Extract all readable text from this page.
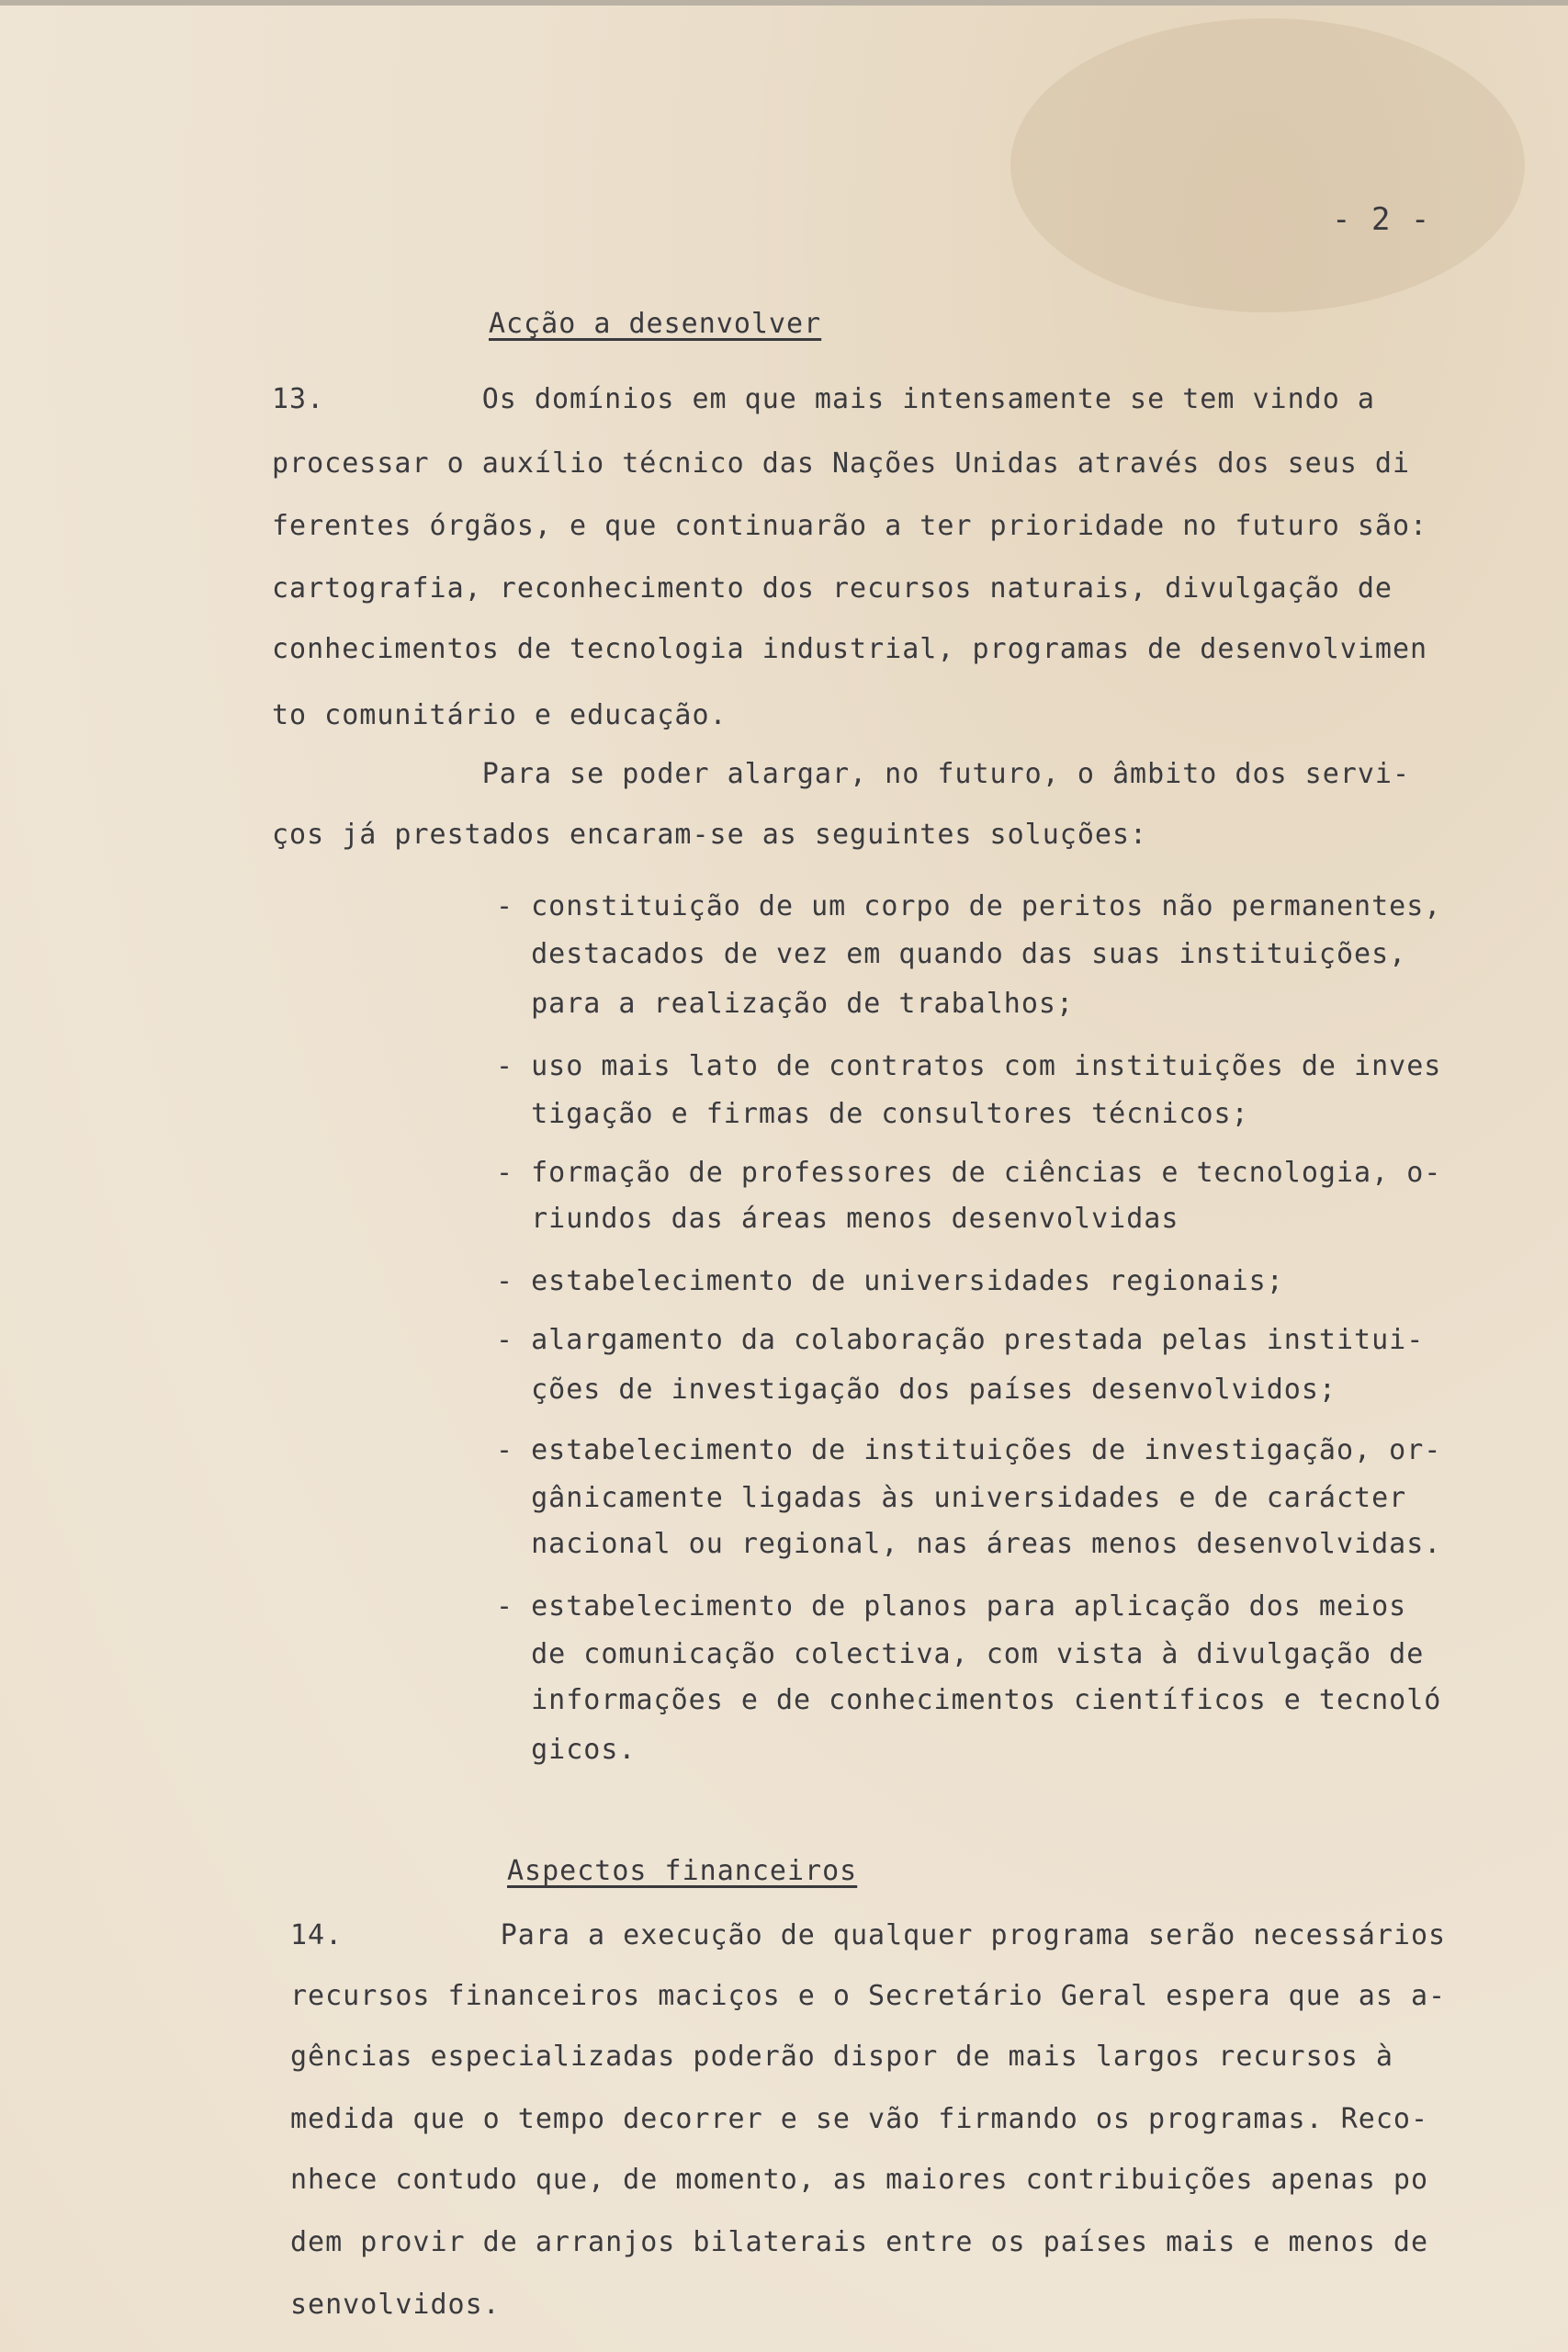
- 2 -
Acção a desenvolver
13.         Os domínios em que mais intensamente se tem vindo a
processar o auxílio técnico das Nações Unidas através dos seus di
ferentes órgãos, e que continuarão a ter prioridade no futuro são:
cartografia, reconhecimento dos recursos naturais, divulgação de
conhecimentos de tecnologia industrial, programas de desenvolvimen
to comunitário e educação.
Para se poder alargar, no futuro, o âmbito dos servi-
ços já prestados encaram-se as seguintes soluções:
- constituição de um corpo de peritos não permanentes,
destacados de vez em quando das suas instituições,
para a realização de trabalhos;
- uso mais lato de contratos com instituições de inves
tigação e firmas de consultores técnicos;
- formação de professores de ciências e tecnologia, o-
riundos das áreas menos desenvolvidas
- estabelecimento de universidades regionais;
- alargamento da colaboração prestada pelas institui-
ções de investigação dos países desenvolvidos;
- estabelecimento de instituições de investigação, or-
gânicamente ligadas às universidades e de carácter
nacional ou regional, nas áreas menos desenvolvidas.
- estabelecimento de planos para aplicação dos meios
de comunicação colectiva, com vista à divulgação de
informações e de conhecimentos científicos e tecnoló
gicos.
Aspectos financeiros
14.         Para a execução de qualquer programa serão necessários
recursos financeiros maciços e o Secretário Geral espera que as a-
gências especializadas poderão dispor de mais largos recursos à
medida que o tempo decorrer e se vão firmando os programas. Reco-
nhece contudo que, de momento, as maiores contribuições apenas po
dem provir de arranjos bilaterais entre os países mais e menos de
senvolvidos.
